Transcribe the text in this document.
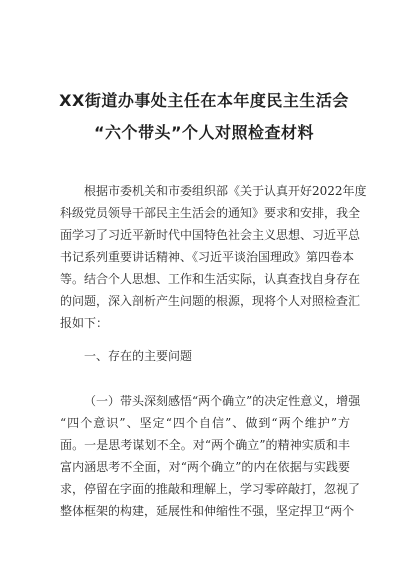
XX街道办事处主任在本年度民主生活会
“六个带头”个人对照检查材料
根据市委机关和市委组织部《关于认真开好2022年度
科级党员领导干部民主生活会的通知》要求和安排，我全
面学习了习近平新时代中国特色社会主义思想、习近平总
书记系列重要讲话精神、《习近平谈治国理政》第四卷本
等。结合个人思想、工作和生活实际，认真查找自身存在
的问题，深入剖析产生问题的根源，现将个人对照检查汇
报如下：
一、存在的主要问题
（一）带头深刻感悟“两个确立”的决定性意义，增强
“四个意识”、坚定“四个自信”、做到“两个维护”方
面。一是思考谋划不全。对“两个确立”的精神实质和丰
富内涵思考不全面，对“两个确立”的内在依据与实践要
求，停留在字面的推敲和理解上，学习零碎敲打，忽视了
整体框架的构建，延展性和伸缩性不强，坚定捍卫“两个
